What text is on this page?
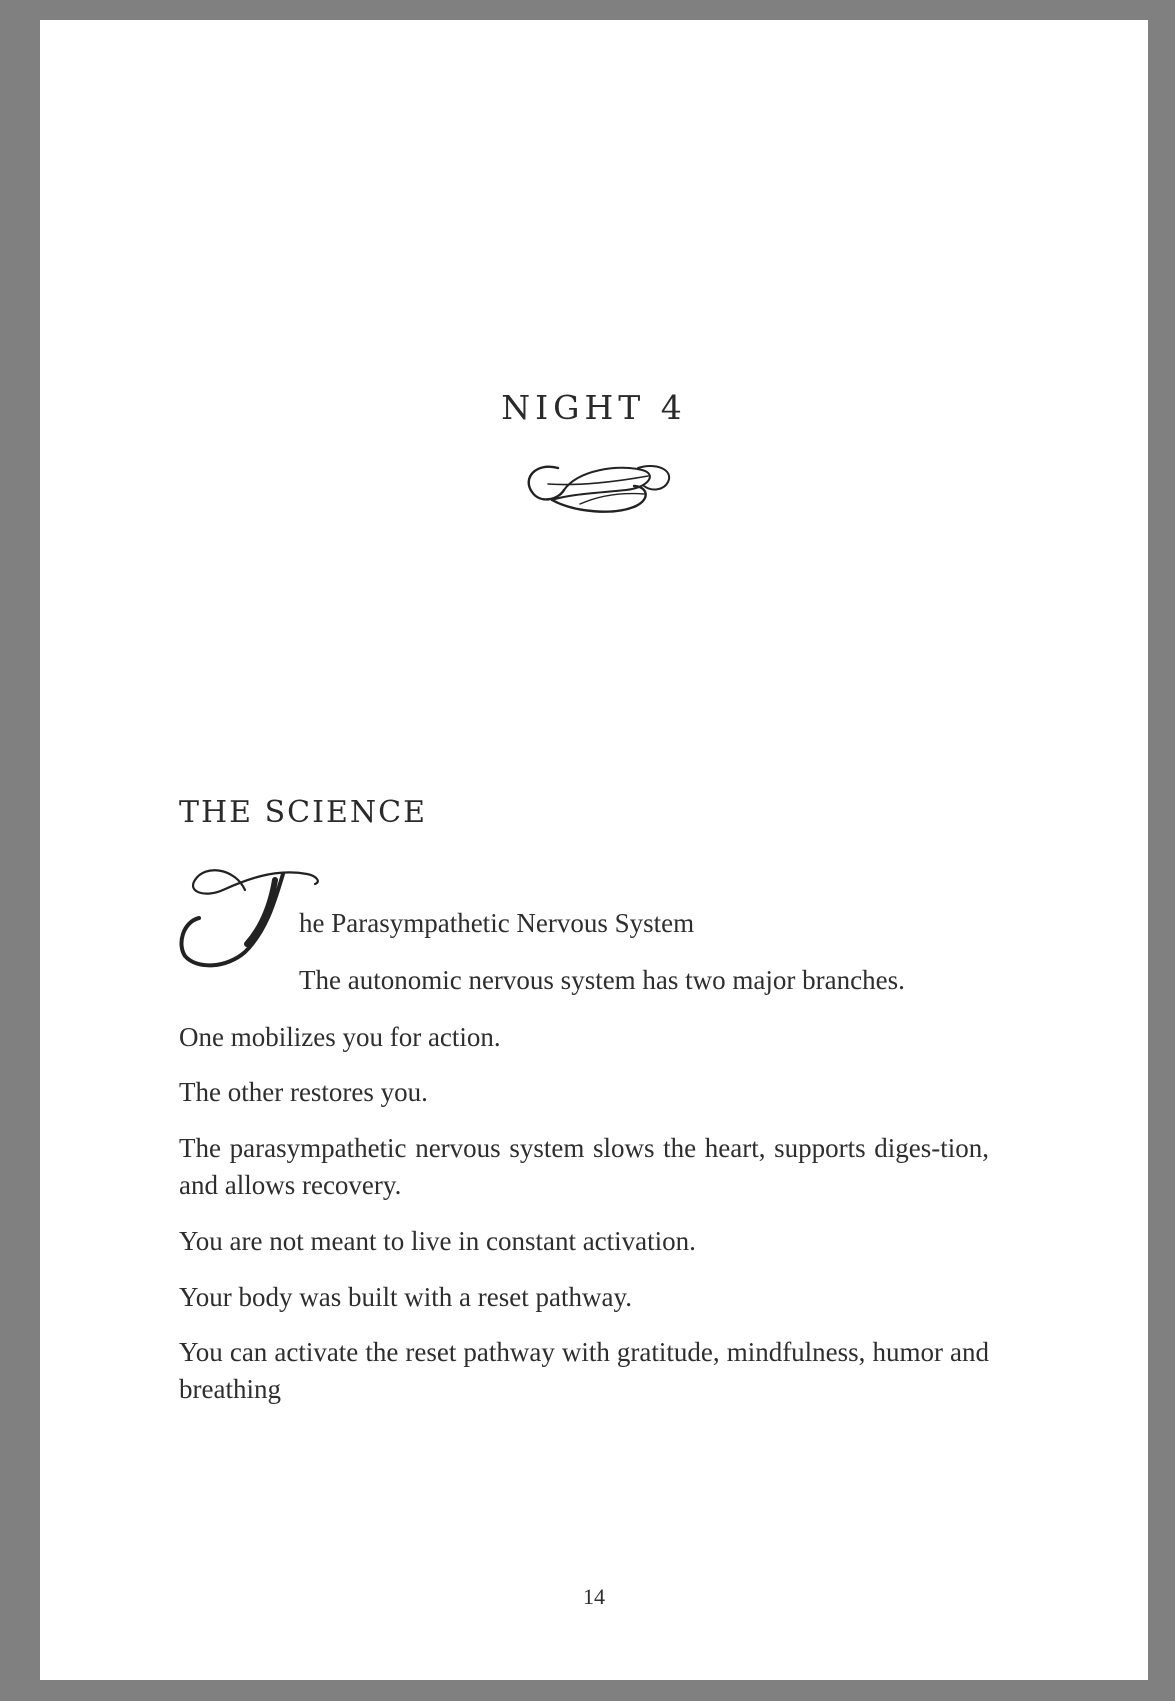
NIGHT 4
THE SCIENCE

he Parasympathetic Nervous System

The autonomic nervous system has two major branches.

One mobilizes you for action.

The other restores you.

The parasympathetic nervous system slows the heart, supports diges-tion, and allows recovery.

You are not meant to live in constant activation.

Your body was built with a reset pathway.

You can activate the reset pathway with gratitude, mindfulness, humor and breathing

14
